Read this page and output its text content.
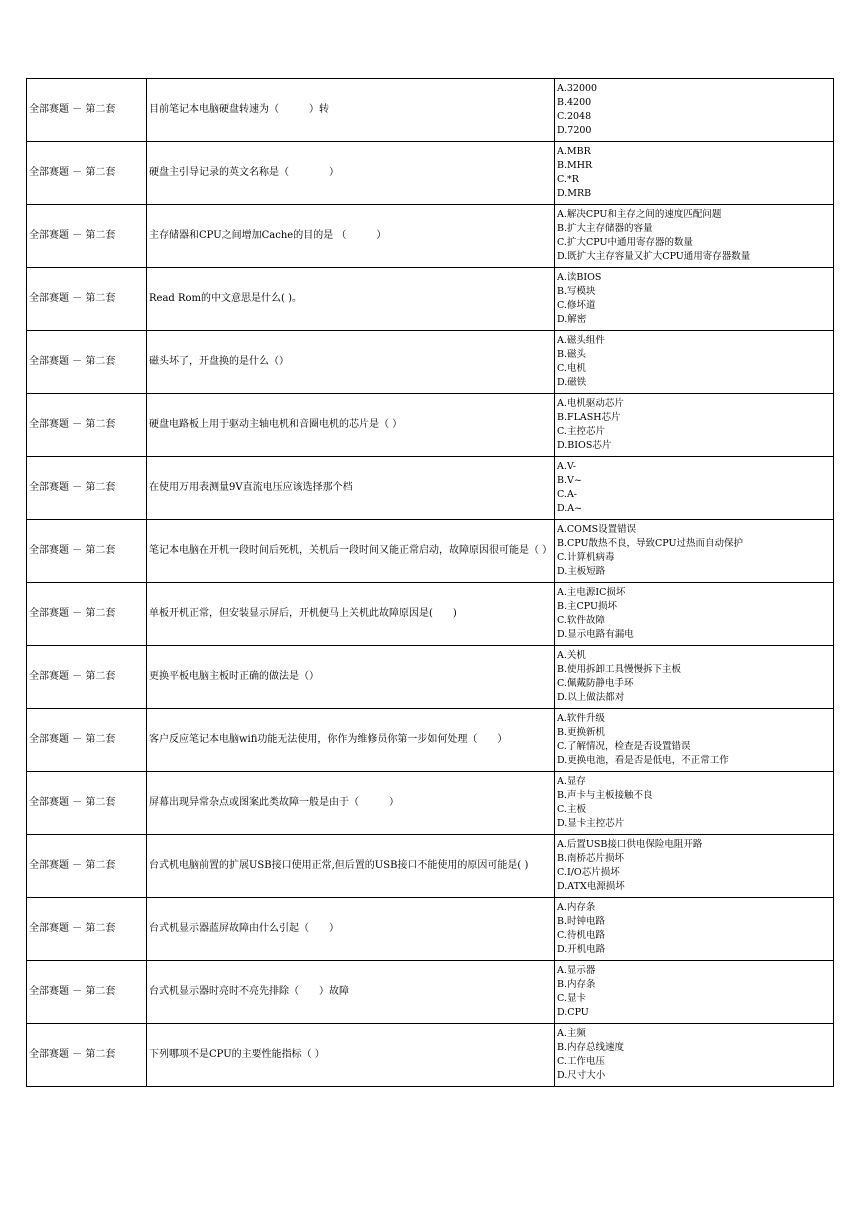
全部赛题 － 第二套	目前笔记本电脑硬盘转速为（　　　）转	A.32000
B.4200
C.2048
D.7200

全部赛题 － 第二套	硬盘主引导记录的英文名称是（　　　　）	A.MBR
B.MHR
C.*R
D.MRB

全部赛题 － 第二套	主存储器和CPU之间增加Cache的目的是 （　　　）	A.解决CPU和主存之间的速度匹配问题
B.扩大主存储器的容量
C.扩大CPU中通用寄存器的数量
D.既扩大主存容量又扩大CPU通用寄存器数量

全部赛题 － 第二套	Read Rom的中文意思是什么( )。	A.读BIOS
B.写模块
C.修坏道
D.解密

全部赛题 － 第二套	磁头坏了，开盘换的是什么（）	A.磁头组件
B.磁头
C.电机
D.磁铁

全部赛题 － 第二套	硬盘电路板上用于驱动主轴电机和音圈电机的芯片是（ ）	A.电机驱动芯片
B.FLASH芯片
C.主控芯片
D.BIOS芯片

全部赛题 － 第二套	在使用万用表测量9V直流电压应该选择那个档	A.V-
B.V~
C.A-
D.A~

全部赛题 － 第二套	笔记本电脑在开机一段时间后死机，关机后一段时间又能正常启动，故障原因很可能是（ ）	A.COMS设置错误
B.CPU散热不良，导致CPU过热而自动保护
C.计算机病毒
D.主板短路

全部赛题 － 第二套	单板开机正常，但安装显示屏后，开机便马上关机此故障原因是(　　)	A.主电源IC损坏
B.主CPU损坏
C.软件故障
D.显示电路有漏电

全部赛题 － 第二套	更换平板电脑主板时正确的做法是（）	A.关机
B.使用拆卸工具慢慢拆下主板
C.佩戴防静电手环
D.以上做法都对

全部赛题 － 第二套	客户反应笔记本电脑wifi功能无法使用，你作为维修员你第一步如何处理（　　）	A.软件升级
B.更换新机
C.了解情况，检查是否设置错误
D.更换电池，看是否是低电，不正常工作

全部赛题 － 第二套	屏幕出现异常杂点或图案此类故障一般是由于（　　　）	A.显存
B.声卡与主板接触不良
C.主板
D.显卡主控芯片

全部赛题 － 第二套	台式机电脑前置的扩展USB接口使用正常,但后置的USB接口不能使用的原因可能是( )	A.后置USB接口供电保险电阻开路
B.南桥芯片损坏
C.I/O芯片损坏
D.ATX电源损坏

全部赛题 － 第二套	台式机显示器蓝屏故障由什么引起（　　）	A.内存条
B.时钟电路
C.待机电路
D.开机电路

全部赛题 － 第二套	台式机显示器时亮时不亮先排除（　　）故障	A.显示器
B.内存条
C.显卡
D.CPU

全部赛题 － 第二套	下列哪项不是CPU的主要性能指标（ ）	A.主频
B.内存总线速度
C.工作电压
D.尺寸大小
